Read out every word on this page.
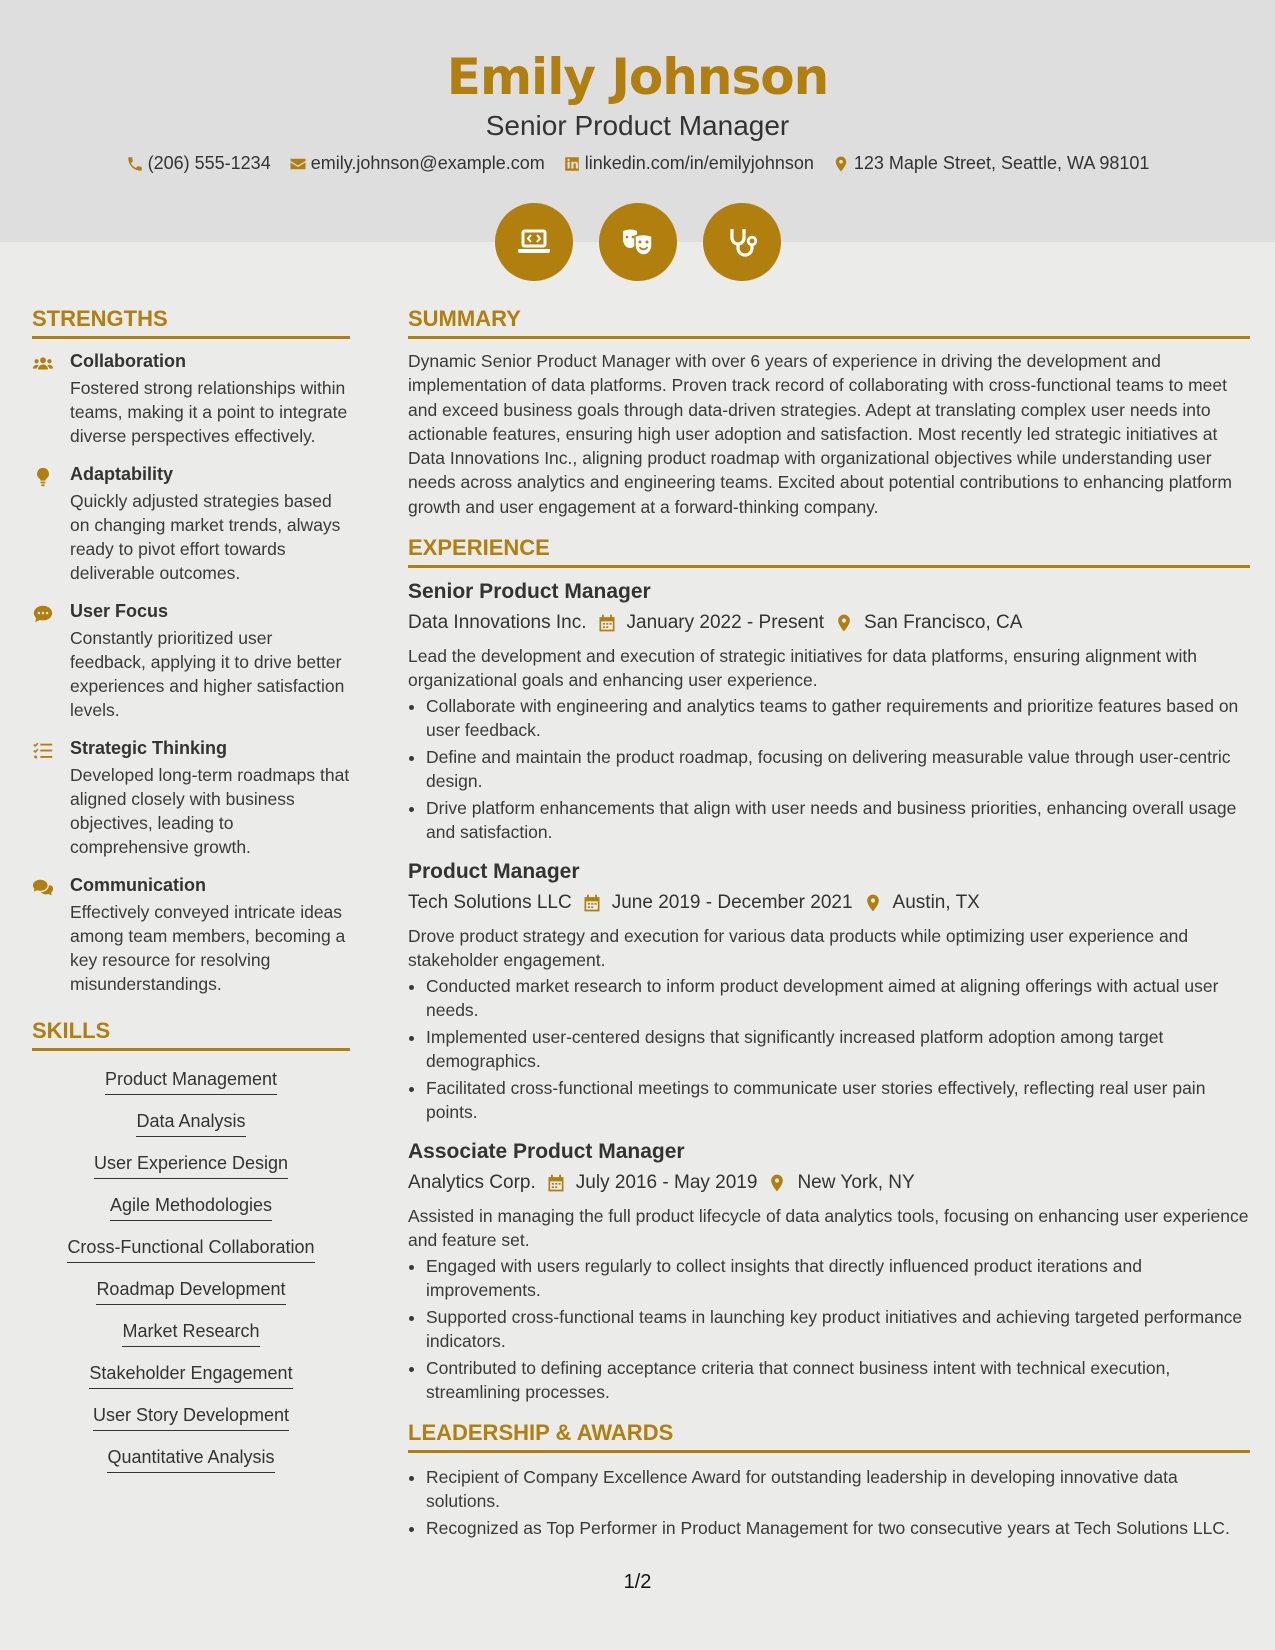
Emily Johnson
Senior Product Manager
(206) 555-1234 emily.johnson@example.com linkedin.com/in/emilyjohnson 123 Maple Street, Seattle, WA 98101
STRENGTHS
Collaboration
Fostered strong relationships within teams, making it a point to integrate diverse perspectives effectively.
Adaptability
Quickly adjusted strategies based on changing market trends, always ready to pivot effort towards deliverable outcomes.
User Focus
Constantly prioritized user feedback, applying it to drive better experiences and higher satisfaction levels.
Strategic Thinking
Developed long-term roadmaps that aligned closely with business objectives, leading to comprehensive growth.
Communication
Effectively conveyed intricate ideas among team members, becoming a key resource for resolving misunderstandings.
SKILLS
Product Management
Data Analysis
User Experience Design
Agile Methodologies
Cross-Functional Collaboration
Roadmap Development
Market Research
Stakeholder Engagement
User Story Development
Quantitative Analysis
SUMMARY
Dynamic Senior Product Manager with over 6 years of experience in driving the development and implementation of data platforms. Proven track record of collaborating with cross-functional teams to meet and exceed business goals through data-driven strategies. Adept at translating complex user needs into actionable features, ensuring high user adoption and satisfaction. Most recently led strategic initiatives at Data Innovations Inc., aligning product roadmap with organizational objectives while understanding user needs across analytics and engineering teams. Excited about potential contributions to enhancing platform growth and user engagement at a forward-thinking company.
EXPERIENCE
Senior Product Manager
Data Innovations Inc. January 2022 - Present San Francisco, CA
Lead the development and execution of strategic initiatives for data platforms, ensuring alignment with organizational goals and enhancing user experience.
• Collaborate with engineering and analytics teams to gather requirements and prioritize features based on user feedback.
• Define and maintain the product roadmap, focusing on delivering measurable value through user-centric design.
• Drive platform enhancements that align with user needs and business priorities, enhancing overall usage and satisfaction.
Product Manager
Tech Solutions LLC June 2019 - December 2021 Austin, TX
Drove product strategy and execution for various data products while optimizing user experience and stakeholder engagement.
• Conducted market research to inform product development aimed at aligning offerings with actual user needs.
• Implemented user-centered designs that significantly increased platform adoption among target demographics.
• Facilitated cross-functional meetings to communicate user stories effectively, reflecting real user pain points.
Associate Product Manager
Analytics Corp. July 2016 - May 2019 New York, NY
Assisted in managing the full product lifecycle of data analytics tools, focusing on enhancing user experience and feature set.
• Engaged with users regularly to collect insights that directly influenced product iterations and improvements.
• Supported cross-functional teams in launching key product initiatives and achieving targeted performance indicators.
• Contributed to defining acceptance criteria that connect business intent with technical execution, streamlining processes.
LEADERSHIP & AWARDS
• Recipient of Company Excellence Award for outstanding leadership in developing innovative data solutions.
• Recognized as Top Performer in Product Management for two consecutive years at Tech Solutions LLC.
1/2
